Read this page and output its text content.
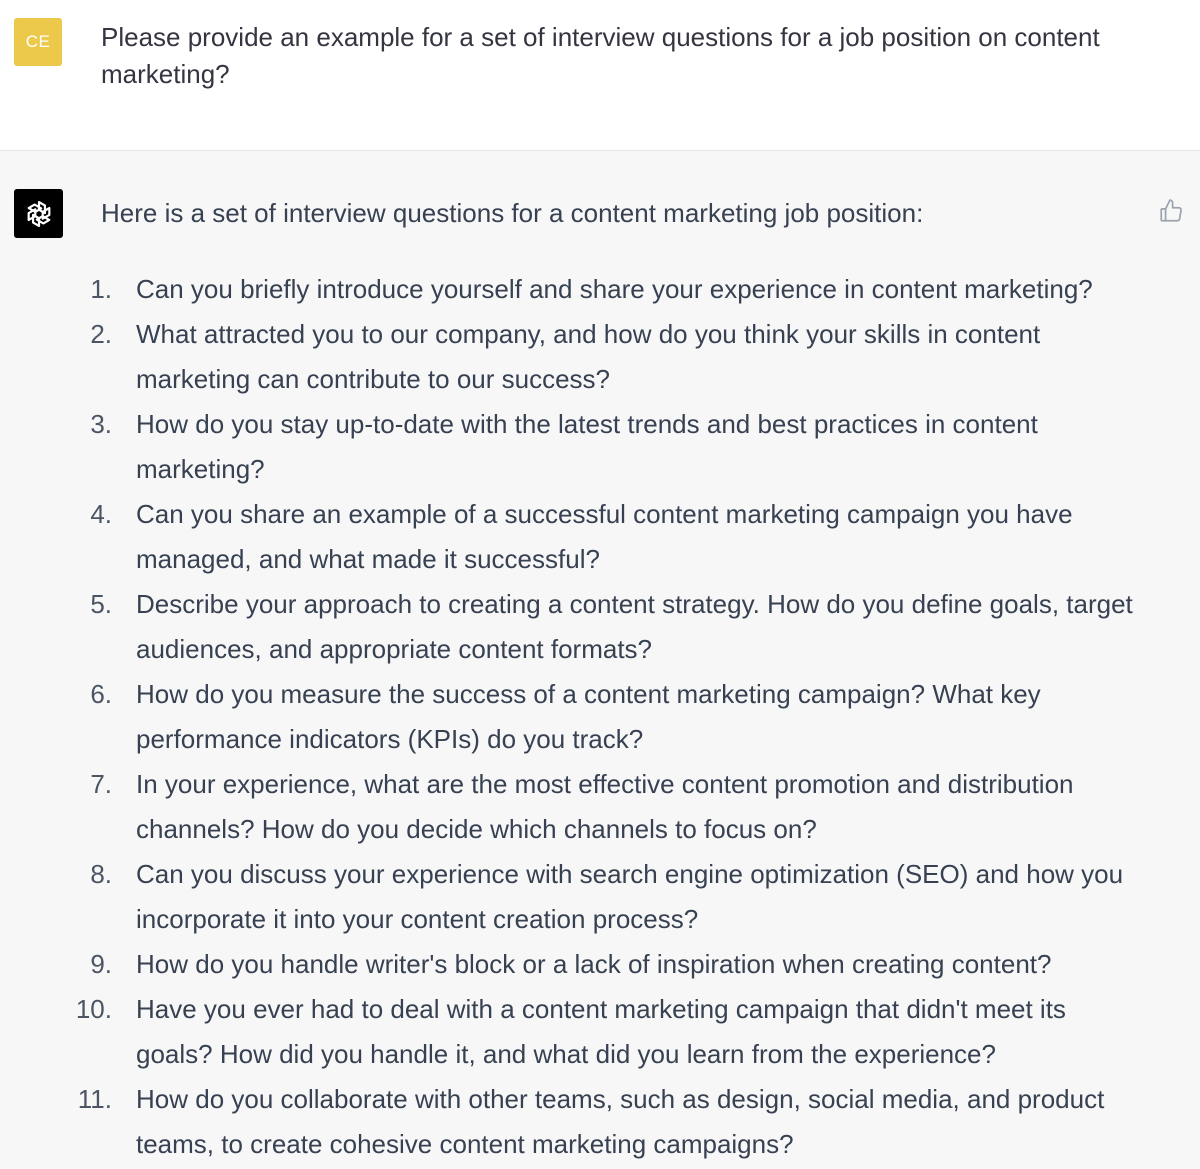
CE Please provide an example for a set of interview questions for a job position on content marketing?
Here is a set of interview questions for a content marketing job position:
1. Can you briefly introduce yourself and share your experience in content marketing?
2. What attracted you to our company, and how do you think your skills in content marketing can contribute to our success?
3. How do you stay up-to-date with the latest trends and best practices in content marketing?
4. Can you share an example of a successful content marketing campaign you have managed, and what made it successful?
5. Describe your approach to creating a content strategy. How do you define goals, target audiences, and appropriate content formats?
6. How do you measure the success of a content marketing campaign? What key performance indicators (KPIs) do you track?
7. In your experience, what are the most effective content promotion and distribution channels? How do you decide which channels to focus on?
8. Can you discuss your experience with search engine optimization (SEO) and how you incorporate it into your content creation process?
9. How do you handle writer's block or a lack of inspiration when creating content?
10. Have you ever had to deal with a content marketing campaign that didn't meet its goals? How did you handle it, and what did you learn from the experience?
11. How do you collaborate with other teams, such as design, social media, and product teams, to create cohesive content marketing campaigns?
